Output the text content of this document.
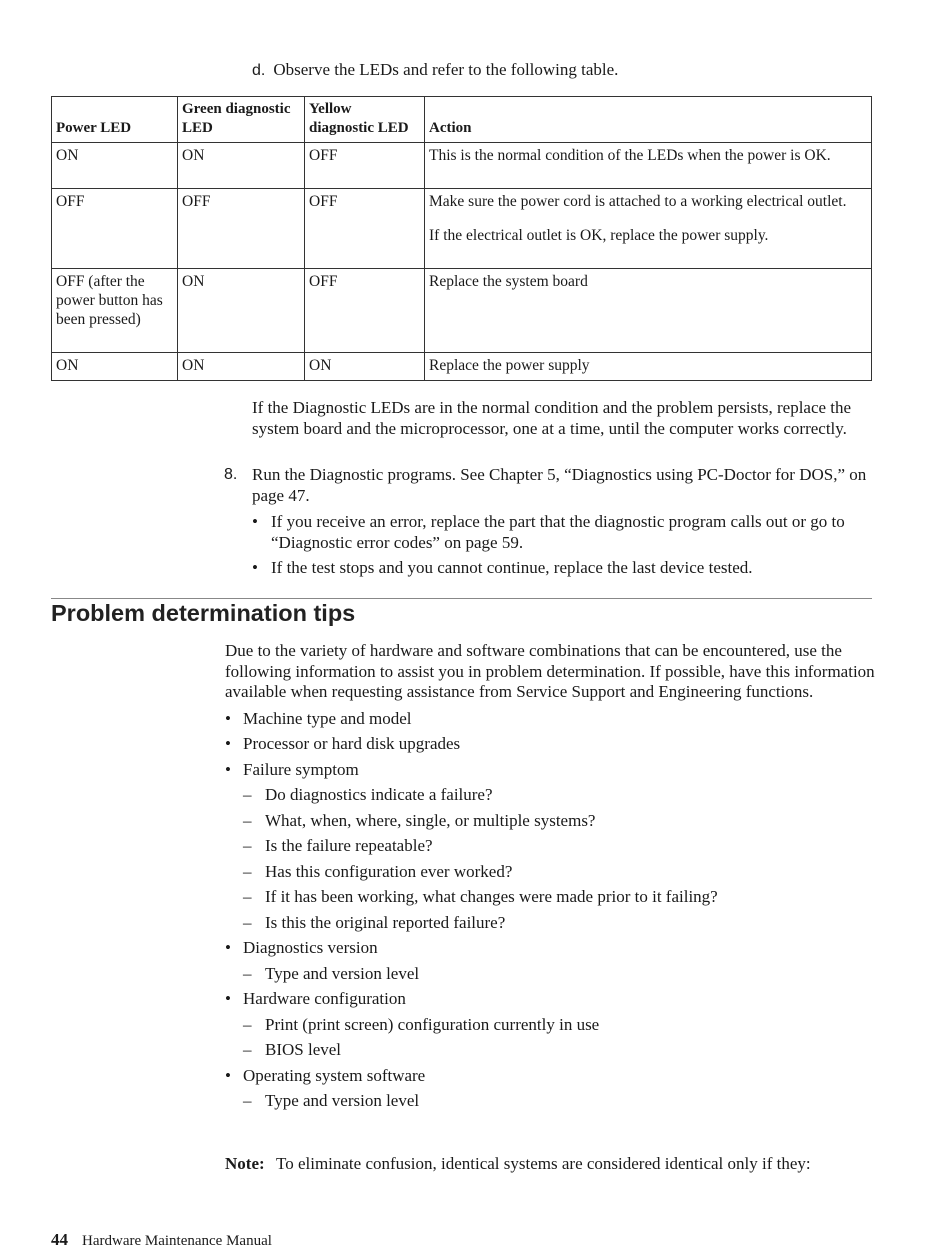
d. Observe the LEDs and refer to the following table.
Power LED	Green diagnostic LED	Yellow diagnostic LED	Action
ON	ON	OFF	This is the normal condition of the LEDs when the power is OK.

OFF	OFF	OFF	Make sure the power cord is attached to a working electrical outlet.

If the electrical outlet is OK, replace the power supply.

OFF (after the power button has been pressed)	ON	OFF	Replace the system board

ON	ON	ON	Replace the power supply

If the Diagnostic LEDs are in the normal condition and the problem persists, replace the system board and the microprocessor, one at a time, until the computer works correctly.
8. Run the Diagnostic programs. See Chapter 5, “Diagnostics using PC-Doctor for DOS,” on page 47.
• If you receive an error, replace the part that the diagnostic program calls out or go to “Diagnostic error codes” on page 59.
• If the test stops and you cannot continue, replace the last device tested.
Problem determination tips

Due to the variety of hardware and software combinations that can be encountered, use the following information to assist you in problem determination. If possible, have this information available when requesting assistance from Service Support and Engineering functions.

• Machine type and model
• Processor or hard disk upgrades
• Failure symptom
– Do diagnostics indicate a failure?
– What, when, where, single, or multiple systems?
– Is the failure repeatable?
– Has this configuration ever worked?
– If it has been working, what changes were made prior to it failing?
– Is this the original reported failure?
• Diagnostics version
– Type and version level
• Hardware configuration
– Print (print screen) configuration currently in use
– BIOS level
• Operating system software
– Type and version level
Note: To eliminate confusion, identical systems are considered identical only if they:
44 Hardware Maintenance Manual
